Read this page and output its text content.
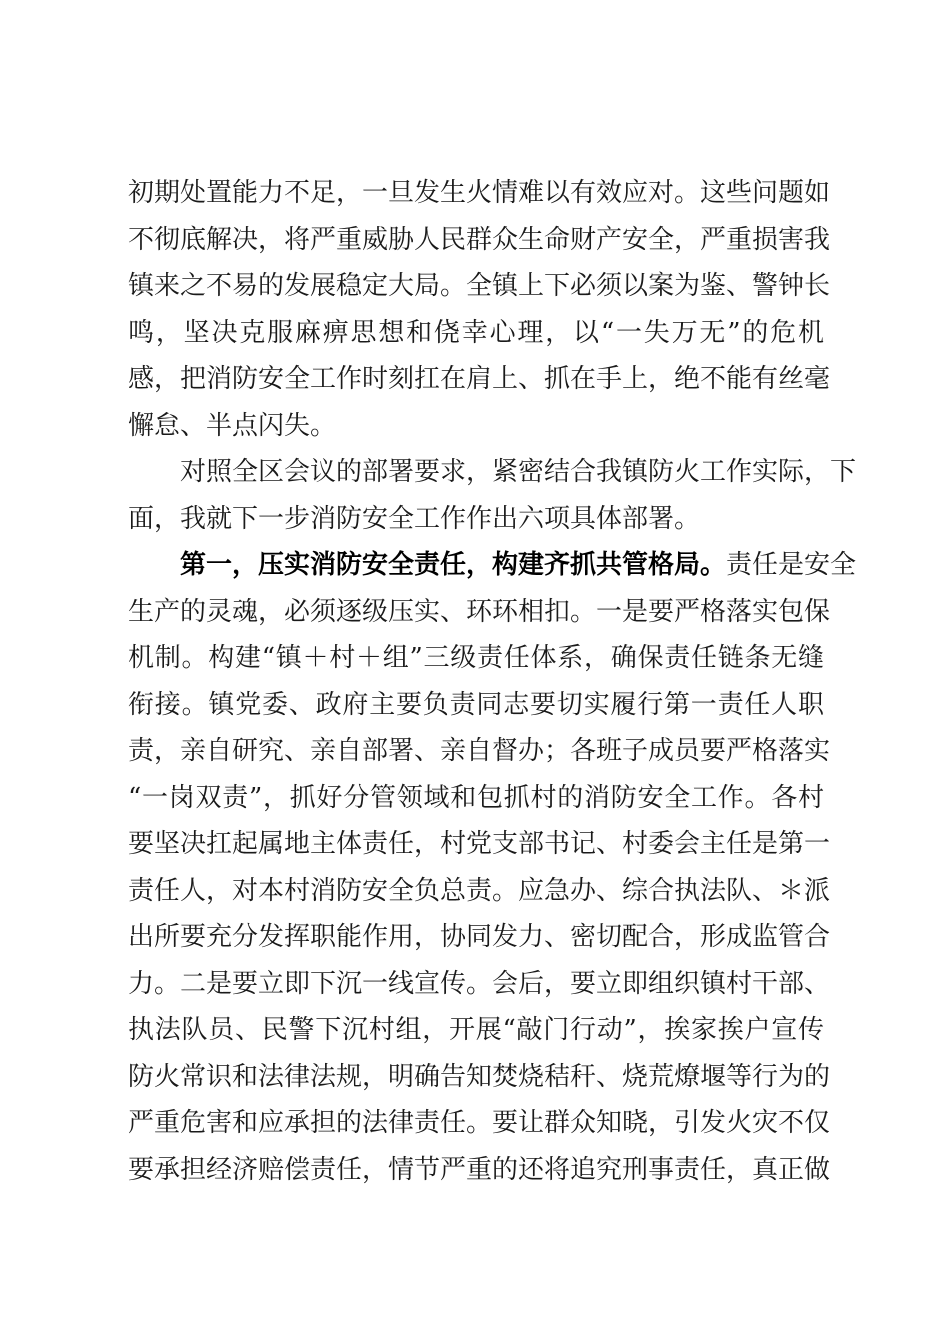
初期处置能力不足，一旦发生火情难以有效应对。这些问题如
不彻底解决，将严重威胁人民群众生命财产安全，严重损害我
镇来之不易的发展稳定大局。全镇上下必须以案为鉴、警钟长
鸣，坚决克服麻痹思想和侥幸心理，以“一失万无”的危机
感，把消防安全工作时刻扛在肩上、抓在手上，绝不能有丝毫
懈怠、半点闪失。
对照全区会议的部署要求，紧密结合我镇防火工作实际，下
面，我就下一步消防安全工作作出六项具体部署。
第一，压实消防安全责任，构建齐抓共管格局。责任是安全
生产的灵魂，必须逐级压实、环环相扣。一是要严格落实包保
机制。构建“镇＋村＋组”三级责任体系，确保责任链条无缝
衔接。镇党委、政府主要负责同志要切实履行第一责任人职
责，亲自研究、亲自部署、亲自督办；各班子成员要严格落实
“一岗双责”，抓好分管领域和包抓村的消防安全工作。各村
要坚决扛起属地主体责任，村党支部书记、村委会主任是第一
责任人，对本村消防安全负总责。应急办、综合执法队、＊派
出所要充分发挥职能作用，协同发力、密切配合，形成监管合
力。二是要立即下沉一线宣传。会后，要立即组织镇村干部、
执法队员、民警下沉村组，开展“敲门行动”，挨家挨户宣传
防火常识和法律法规，明确告知焚烧秸秆、烧荒燎堰等行为的
严重危害和应承担的法律责任。要让群众知晓，引发火灾不仅
要承担经济赔偿责任，情节严重的还将追究刑事责任，真正做
